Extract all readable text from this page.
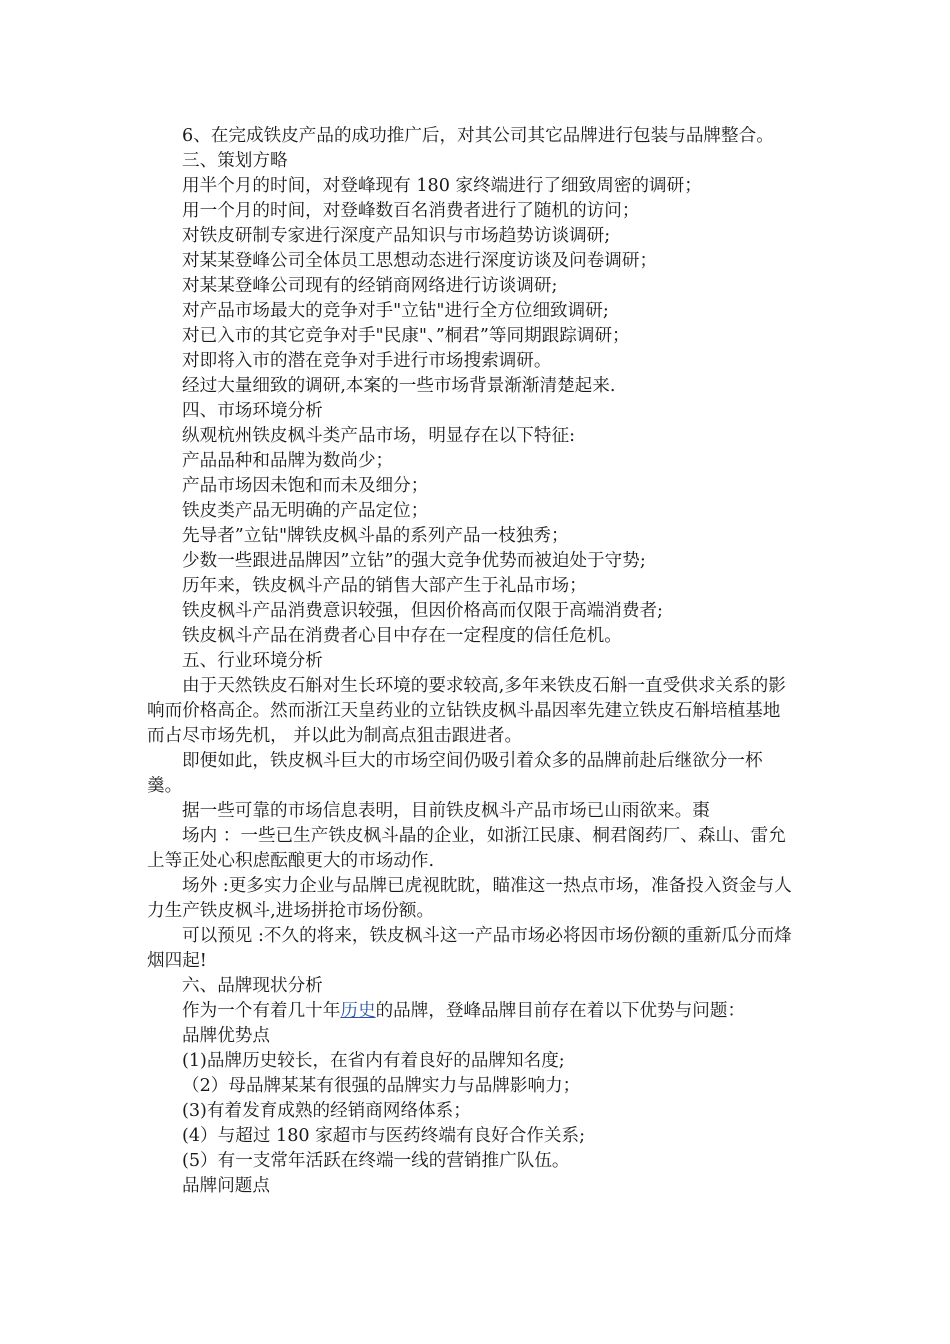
6、在完成铁皮产品的成功推广后，对其公司其它品牌进行包装与品牌整合。

三、策划方略

用半个月的时间，对登峰现有 180 家终端进行了细致周密的调研；

用一个月的时间，对登峰数百名消费者进行了随机的访问；

对铁皮研制专家进行深度产品知识与市场趋势访谈调研;

对某某登峰公司全体员工思想动态进行深度访谈及问卷调研；

对某某登峰公司现有的经销商网络进行访谈调研;

对产品市场最大的竞争对手"立钻"进行全方位细致调研;

对已入市的其它竞争对手"民康"、”桐君”等同期跟踪调研；

对即将入市的潜在竞争对手进行市场搜索调研。

经过大量细致的调研,本案的一些市场背景渐渐清楚起来.

四、市场环境分析

纵观杭州铁皮枫斗类产品市场，明显存在以下特征:

产品品种和品牌为数尚少；

产品市场因未饱和而未及细分；

铁皮类产品无明确的产品定位；

先导者”立钻"牌铁皮枫斗晶的系列产品一枝独秀；

少数一些跟进品牌因”立钻”的强大竞争优势而被迫处于守势;

历年来，铁皮枫斗产品的销售大部产生于礼品市场；

铁皮枫斗产品消费意识较强，但因价格高而仅限于高端消费者;

铁皮枫斗产品在消费者心目中存在一定程度的信任危机。

五、行业环境分析

由于天然铁皮石斛对生长环境的要求较高,多年来铁皮石斛一直受供求关系的影响而价格高企。然而浙江天皇药业的立钻铁皮枫斗晶因率先建立铁皮石斛培植基地而占尽市场先机， 并以此为制高点狙击跟进者。

即便如此，铁皮枫斗巨大的市场空间仍吸引着众多的品牌前赴后继欲分一杯羹。

据一些可靠的市场信息表明，目前铁皮枫斗产品市场已山雨欲来。棗

场内 ：一些已生产铁皮枫斗晶的企业，如浙江民康、桐君阁药厂、森山、雷允上等正处心积虑酝酿更大的市场动作.

场外 :更多实力企业与品牌已虎视眈眈，瞄准这一热点市场，准备投入资金与人力生产铁皮枫斗,进场拼抢市场份额。

可以预见 :不久的将来，铁皮枫斗这一产品市场必将因市场份额的重新瓜分而烽烟四起!

六、品牌现状分析

作为一个有着几十年历史的品牌，登峰品牌目前存在着以下优势与问题：

品牌优势点

(1)品牌历史较长，在省内有着良好的品牌知名度;

（2）母品牌某某有很强的品牌实力与品牌影响力；

(3)有着发育成熟的经销商网络体系；

(4）与超过 180 家超市与医药终端有良好合作关系;

(5）有一支常年活跃在终端一线的营销推广队伍。

品牌问题点
